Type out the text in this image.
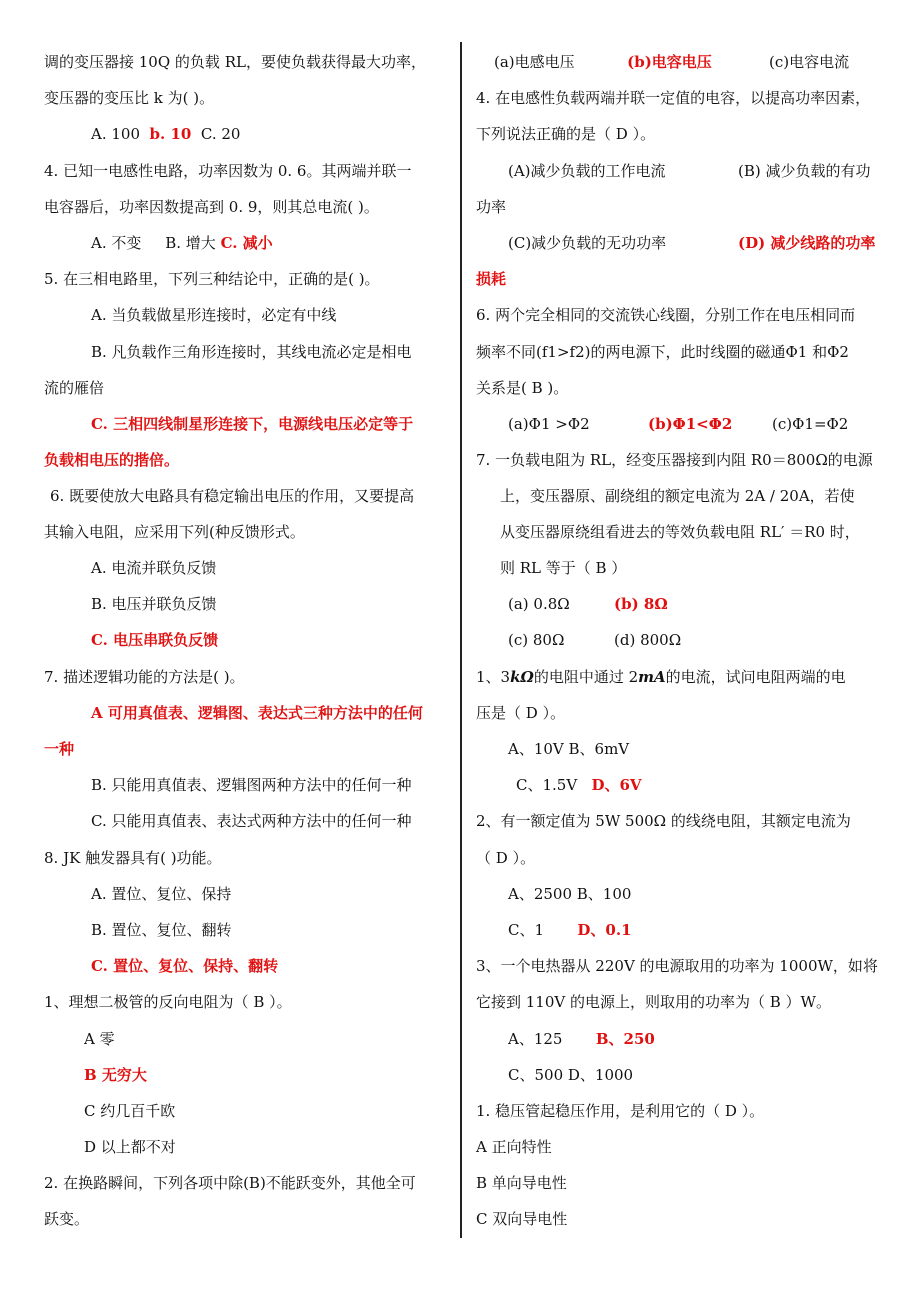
调的变压器接 10Q 的负载 RL，要使负载获得最大功率，
变压器的变压比 k 为( )。
A. 100 b. 10 C. 20
4. 已知一电感性电路，功率因数为 0. 6。其两端并联一
电容器后，功率因数提高到 0. 9，则其总电流( )。
A. 不变 B. 增大 C. 减小
5. 在三相电路里，下列三种结论中，正确的是( )。
A. 当负载做星形连接时，必定有中线
B. 凡负载作三角形连接时，其线电流必定是相电
流的雁倍
C. 三相四线制星形连接下，电源线电压必定等于
负载相电压的揩倍。
6. 既要使放大电路具有稳定输出电压的作用，又要提高
其输入电阻，应采用下列(种反馈形式。
A. 电流并联负反馈
B. 电压并联负反馈
C. 电压串联负反馈
7. 描述逻辑功能的方法是( )。
A 可用真值表、逻辑图、表达式三种方法中的任何
一种
B. 只能用真值表、逻辑图两种方法中的任何一种
C. 只能用真值表、表达式两种方法中的任何一种
8. JK 触发器具有( )功能。
A. 置位、复位、保持
B. 置位、复位、翻转
C. 置位、复位、保持、翻转
1、理想二极管的反向电阻为（ B ）。
A 零
B 无穷大
C 约几百千欧
D 以上都不对
2. 在换路瞬间，下列各项中除(B)不能跃变外，其他全可
跃变。
(a)电感电压	(b)电容电压	(c)电容电流
4. 在电感性负载两端并联一定值的电容，以提高功率因素，
下列说法正确的是（ D ）。
(A)减少负载的工作电流	(B) 减少负载的有功
功率
(C)减少负载的无功功率	(D) 减少线路的功率
损耗
6. 两个完全相同的交流铁心线圈，分别工作在电压相同而
频率不同(f1>f2)的两电源下，此时线圈的磁通Φ1 和Φ2
关系是( B )。
(a)Φ1 >Φ2	(b)Φ1<Φ2	(c)Φ1=Φ2
7. 一负载电阻为 RL，经变压器接到内阻 R0＝800Ω的电源
上，变压器原、副绕组的额定电流为 2A / 20A，若使
从变压器原绕组看进去的等效负载电阻 RL′ ＝R0 时，
则 RL 等于（ B ）
(a) 0.8Ω	(b) 8Ω
(c) 80Ω	(d) 800Ω
1、3kΩ的电阻中通过 2mA的电流，试问电阻两端的电
压是（ D ）。
A、10V B、6mV
C、1.5V D、6V
2、有一额定值为 5W 500Ω 的线绕电阻，其额定电流为
（ D ）。
A、2500 B、100
C、1 D、0.1
3、一个电热器从 220V 的电源取用的功率为 1000W，如将
它接到 110V 的电源上，则取用的功率为（ B ）W。
A、125 B、250
C、500 D、1000
1. 稳压管起稳压作用，是利用它的（ D ）。
A 正向特性
B 单向导电性
C 双向导电性
